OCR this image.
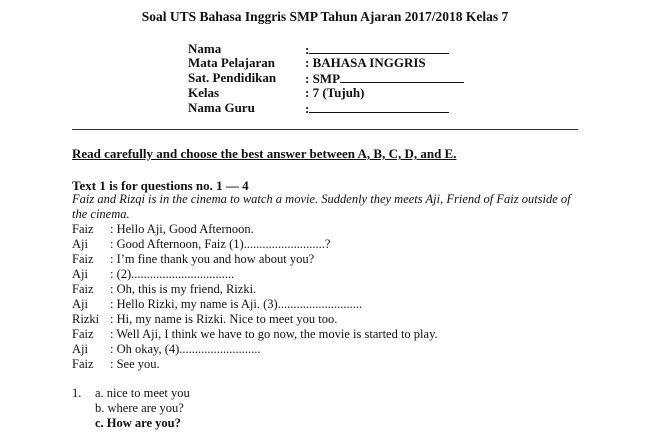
Soal UTS Bahasa Inggris SMP Tahun Ajaran 2017/2018 Kelas 7
Nama	:
Mata Pelajaran : BAHASA INGGRIS
Sat. Pendidikan : SMP
Kelas	: 7 (Tujuh)
Nama Guru	:
Read carefully and choose the best answer between A, B, C, D, and E.
Text 1 is for questions no. 1 — 4
Faiz and Rizqi is in the cinema to watch a movie. Suddenly they meets Aji, Friend of Faiz outside of the cinema.
Faiz : Hello Aji, Good Afternoon.
Aji : Good Afternoon, Faiz (1)..........................?
Faiz : I’m fine thank you and how about you?
Aji : (2).................................
Faiz : Oh, this is my friend, Rizki.
Aji : Hello Rizki, my name is Aji. (3)...........................
Rizki : Hi, my name is Rizki. Nice to meet you too.
Faiz : Well Aji, I think we have to go now, the movie is started to play.
Aji : Oh okay, (4)..........................
Faiz : See you.
1. a. nice to meet you
b. where are you?
c. How are you?
